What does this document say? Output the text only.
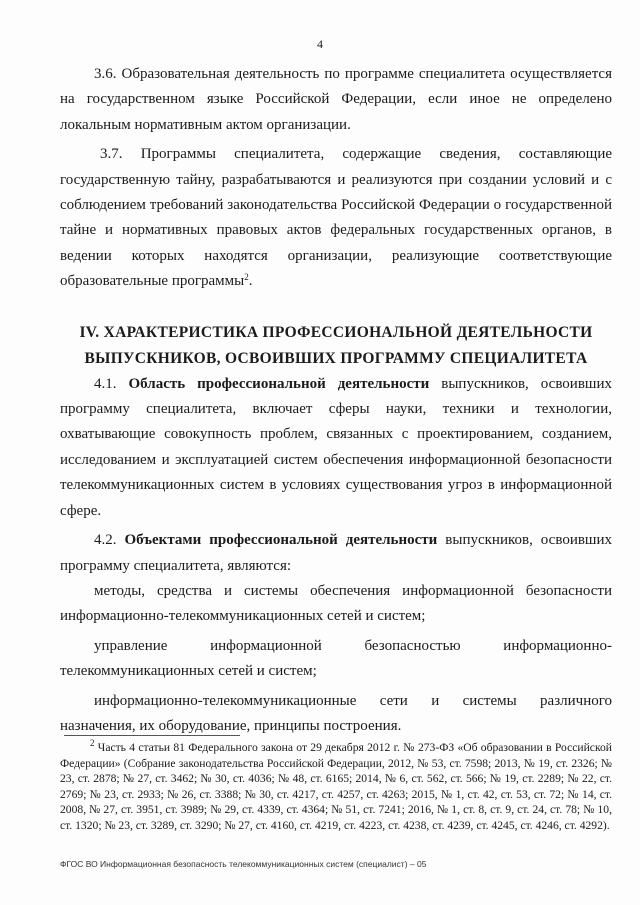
4

3.6. Образовательная деятельность по программе специалитета осуществляется на государственном языке Российской Федерации, если иное не определено локальным нормативным актом организации.

3.7. Программы специалитета, содержащие сведения, составляющие государственную тайну, разрабатываются и реализуются при создании условий и с соблюдением требований законодательства Российской Федерации о государственной тайне и нормативных правовых актов федеральных государственных органов, в ведении которых находятся организации, реализующие соответствующие образовательные программы$^2$.

IV. ХАРАКТЕРИСТИКА ПРОФЕССИОНАЛЬНОЙ ДЕЯТЕЛЬНОСТИ
ВЫПУСКНИКОВ, ОСВОИВШИХ ПРОГРАММУ СПЕЦИАЛИТЕТА

4.1. Область профессиональной деятельности выпускников, освоивших программу специалитета, включает сферы науки, техники и технологии, охватывающие совокупность проблем, связанных с проектированием, созданием, исследованием и эксплуатацией систем обеспечения информационной безопасности телекоммуникационных систем в условиях существования угроз в информационной сфере.

4.2. Объектами профессиональной деятельности выпускников, освоивших программу специалитета, являются:

методы, средства и системы обеспечения информационной безопасности информационно-телекоммуникационных сетей и систем;

управление информационной безопасностью информационно-телекоммуникационных сетей и систем;

информационно-телекоммуникационные сети и системы различного назначения, их оборудование, принципы построения.

$^2$ Часть 4 статьи 81 Федерального закона от 29 декабря 2012 г. № 273-ФЗ «Об образовании в Российской Федерации» (Собрание законодательства Российской Федерации, 2012, № 53, ст. 7598; 2013, № 19, ст. 2326; № 23, ст. 2878; № 27, ст. 3462; № 30, ст. 4036; № 48, ст. 6165; 2014, № 6, ст. 562, ст. 566; № 19, ст. 2289; № 22, ст. 2769; № 23, ст. 2933; № 26, ст. 3388; № 30, ст. 4217, ст. 4257, ст. 4263; 2015, № 1, ст. 42, ст. 53, ст. 72; № 14, ст. 2008, № 27, ст. 3951, ст. 3989; № 29, ст. 4339, ст. 4364; № 51, ст. 7241; 2016, № 1, ст. 8, ст. 9, ст. 24, ст. 78; № 10, ст. 1320; № 23, ст. 3289, ст. 3290; № 27, ст. 4160, ст. 4219, ст. 4223, ст. 4238, ст. 4239, ст. 4245, ст. 4246, ст. 4292).

ФГОС ВО Информационная безопасность телекоммуникационных систем (специалист) – 05
